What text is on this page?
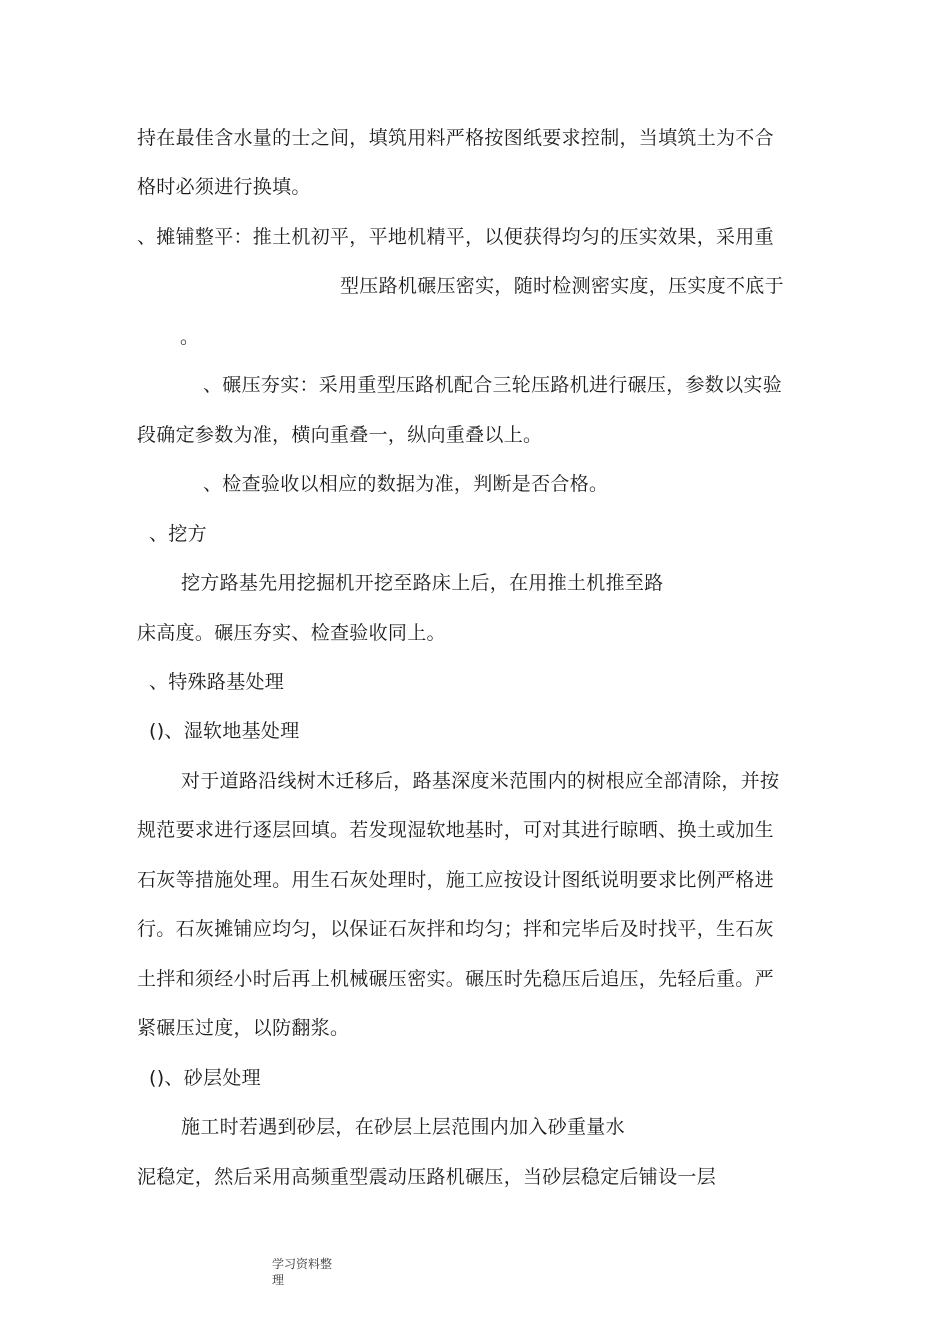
持在最佳含水量的士之间，填筑用料严格按图纸要求控制，当填筑土为不合
格时必须进行换填。
、摊铺整平：推土机初平，平地机精平，以便获得均匀的压实效果，采用重
型压路机碾压密实，随时检测密实度，压实度不底于
。
、碾压夯实：采用重型压路机配合三轮压路机进行碾压，参数以实验
段确定参数为准，横向重叠一，纵向重叠以上。
、检查验收以相应的数据为准，判断是否合格。
、挖方
挖方路基先用挖掘机开挖至路床上后，在用推土机推至路
床高度。碾压夯实、检查验收同上。
、特殊路基处理
()、湿软地基处理
对于道路沿线树木迁移后，路基深度米范围内的树根应全部清除，并按
规范要求进行逐层回填。若发现湿软地基时，可对其进行晾晒、换土或加生
石灰等措施处理。用生石灰处理时，施工应按设计图纸说明要求比例严格进
行。石灰摊铺应均匀，以保证石灰拌和均匀；拌和完毕后及时找平，生石灰
土拌和须经小时后再上机械碾压密实。碾压时先稳压后追压，先轻后重。严
紧碾压过度，以防翻浆。
()、砂层处理
施工时若遇到砂层，在砂层上层范围内加入砂重量水
泥稳定，然后采用高频重型震动压路机碾压，当砂层稳定后铺设一层
学习资料整
理
